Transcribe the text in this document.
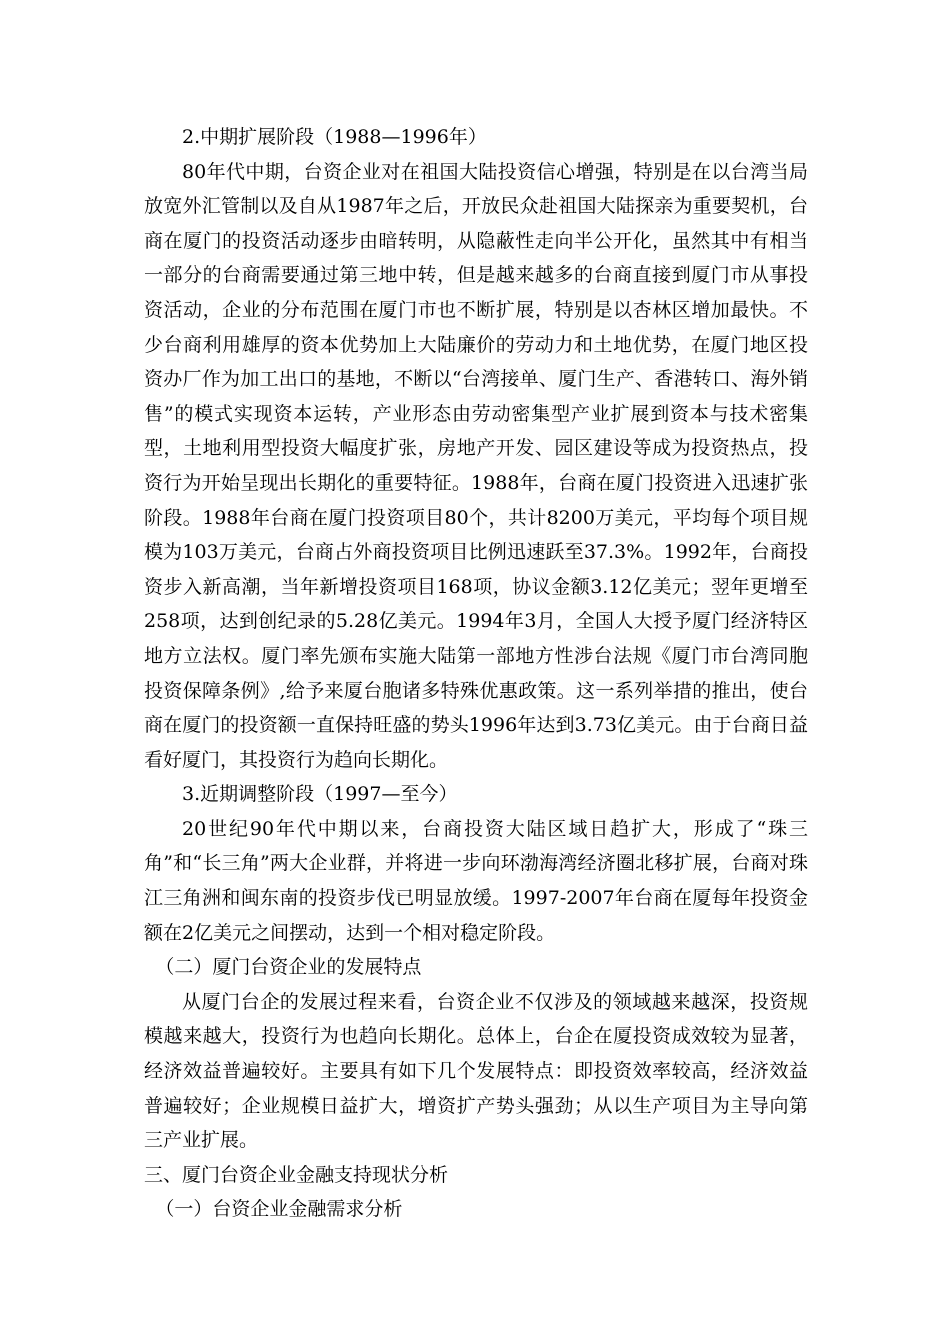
2.中期扩展阶段（1988—1996年）

80年代中期，台资企业对在祖国大陆投资信心增强，特别是在以台湾当局放宽外汇管制以及自从1987年之后，开放民众赴祖国大陆探亲为重要契机，台商在厦门的投资活动逐步由暗转明，从隐蔽性走向半公开化，虽然其中有相当一部分的台商需要通过第三地中转，但是越来越多的台商直接到厦门市从事投资活动，企业的分布范围在厦门市也不断扩展，特别是以杏林区增加最快。不少台商利用雄厚的资本优势加上大陆廉价的劳动力和土地优势，在厦门地区投资办厂作为加工出口的基地，不断以“台湾接单、厦门生产、香港转口、海外销售”的模式实现资本运转，产业形态由劳动密集型产业扩展到资本与技术密集型，土地利用型投资大幅度扩张，房地产开发、园区建设等成为投资热点，投资行为开始呈现出长期化的重要特征。1988年，台商在厦门投资进入迅速扩张阶段。1988年台商在厦门投资项目80个，共计8200万美元，平均每个项目规模为103万美元，台商占外商投资项目比例迅速跃至37.3%。1992年，台商投资步入新高潮，当年新增投资项目168项，协议金额3.12亿美元；翌年更增至258项，达到创纪录的5.28亿美元。1994年3月，全国人大授予厦门经济特区地方立法权。厦门率先颁布实施大陆第一部地方性涉台法规《厦门市台湾同胞投资保障条例》,给予来厦台胞诸多特殊优惠政策。这一系列举措的推出，使台商在厦门的投资额一直保持旺盛的势头1996年达到3.73亿美元。由于台商日益看好厦门，其投资行为趋向长期化。

3.近期调整阶段（1997—至今）

20世纪90年代中期以来，台商投资大陆区域日趋扩大，形成了“珠三角”和“长三角”两大企业群，并将进一步向环渤海湾经济圈北移扩展，台商对珠江三角洲和闽东南的投资步伐已明显放缓。1997-2007年台商在厦每年投资金额在2亿美元之间摆动，达到一个相对稳定阶段。

（二）厦门台资企业的发展特点

从厦门台企的发展过程来看，台资企业不仅涉及的领域越来越深，投资规模越来越大，投资行为也趋向长期化。总体上，台企在厦投资成效较为显著，经济效益普遍较好。主要具有如下几个发展特点：即投资效率较高，经济效益普遍较好；企业规模日益扩大，增资扩产势头强劲；从以生产项目为主导向第三产业扩展。

三、厦门台资企业金融支持现状分析

（一）台资企业金融需求分析
